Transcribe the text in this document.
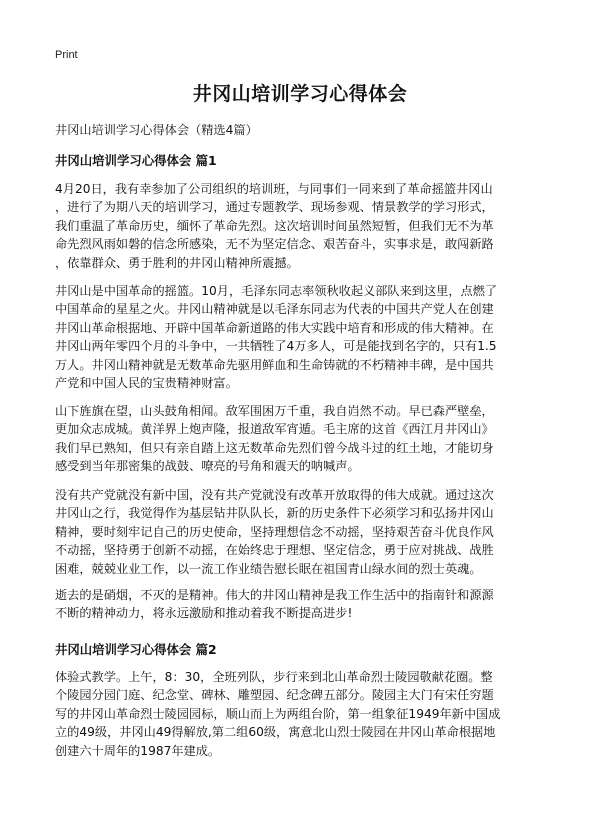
Print
井冈山培训学习心得体会
井冈山培训学习心得体会（精选4篇）
井冈山培训学习心得体会 篇1
4月20日，我有幸参加了公司组织的培训班，与同事们一同来到了革命摇篮井冈山
，进行了为期八天的培训学习，通过专题教学、现场参观、情景教学的学习形式，
我们重温了革命历史，缅怀了革命先烈。这次培训时间虽然短暂，但我们无不为革
命先烈风雨如磐的信念所感染，无不为坚定信念、艰苦奋斗，实事求是，敢闯新路
，依靠群众、勇于胜利的井冈山精神所震撼。
井冈山是中国革命的摇篮。10月，毛泽东同志率领秋收起义部队来到这里，点燃了
中国革命的星星之火。井冈山精神就是以毛泽东同志为代表的中国共产党人在创建
井冈山革命根据地、开辟中国革命新道路的伟大实践中培育和形成的伟大精神。在
井冈山两年零四个月的斗争中，一共牺牲了4万多人，可是能找到名字的，只有1.5
万人。井冈山精神就是无数革命先驱用鲜血和生命铸就的不朽精神丰碑，是中国共
产党和中国人民的宝贵精神财富。
山下旌旗在望，山头鼓角相闻。敌军围困万千重，我自岿然不动。早已森严壁垒，
更加众志成城。黄洋界上炮声隆，报道敌军宵遁。毛主席的这首《西江月井冈山》
我们早已熟知，但只有亲自踏上这无数革命先烈们曾今战斗过的红土地，才能切身
感受到当年那密集的战鼓、嘹亮的号角和震天的呐喊声。
没有共产党就没有新中国，没有共产党就没有改革开放取得的伟大成就。通过这次
井冈山之行，我觉得作为基层钻井队队长，新的历史条件下必须学习和弘扬井冈山
精神，要时刻牢记自己的历史使命，坚持理想信念不动摇，坚持艰苦奋斗优良作风
不动摇，坚持勇于创新不动摇，在始终忠于理想、坚定信念，勇于应对挑战、战胜
困难，兢兢业业工作，以一流工作业绩告慰长眠在祖国青山绿水间的烈士英魂。
逝去的是硝烟，不灭的是精神。伟大的井冈山精神是我工作生活中的指南针和源源
不断的精神动力，将永远激励和推动着我不断提高进步!
井冈山培训学习心得体会 篇2
体验式教学。上午，8：30，全班列队，步行来到北山革命烈士陵园敬献花圈。整
个陵园分园门庭、纪念堂、碑林、雕塑园、纪念碑五部分。陵园主大门有宋任穷题
写的井冈山革命烈士陵园园标，顺山而上为两组台阶，第一组象征1949年新中国成
立的49级，井冈山49得解放,第二组60级，寓意北山烈士陵园在井冈山革命根据地
创建六十周年的1987年建成。
